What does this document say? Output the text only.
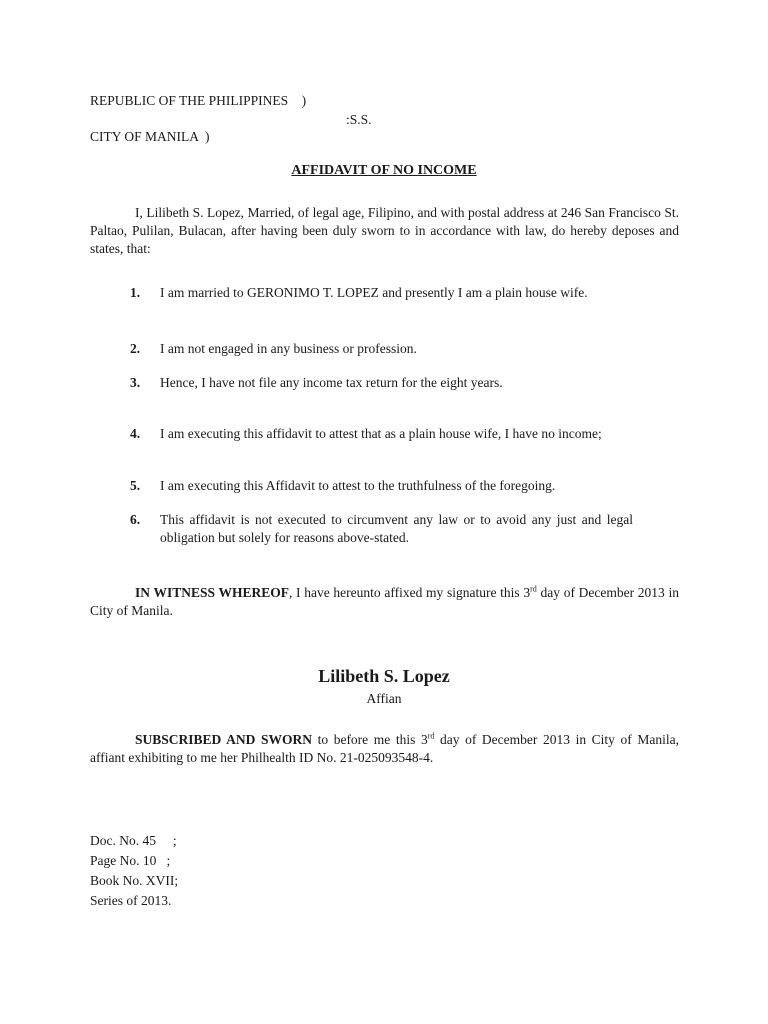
REPUBLIC OF THE PHILIPPINES    )

:S.S.

CITY OF MANILA  )

AFFIDAVIT OF NO INCOME

I, Lilibeth S. Lopez, Married, of legal age, Filipino, and with postal address at 246 San Francisco St. Paltao, Pulilan, Bulacan, after having been duly sworn to in accordance with law, do hereby deposes and states, that:

1.	I am married to GERONIMO T. LOPEZ and presently I am a plain house wife.
2.	I am not engaged in any business or profession.
3.	Hence, I have not file any income tax return for the eight years.
4.	I am executing this affidavit to attest that as a plain house wife, I have no income;
5.	I am executing this Affidavit to attest to the truthfulness of the foregoing.
6.	This affidavit is not executed to circumvent any law or to avoid any just and legal obligation but solely for reasons above-stated.

IN WITNESS WHEREOF, I have hereunto affixed my signature this 3rd day of December 2013 in City of Manila.

Lilibeth S. Lopez

Affian

SUBSCRIBED AND SWORN to before me this 3rd day of December 2013 in City of Manila, affiant exhibiting to me her Philhealth ID No. 21-025093548-4.

Doc. No. 45     ;

Page No. 10   ;

Book No. XVII;

Series of 2013.
